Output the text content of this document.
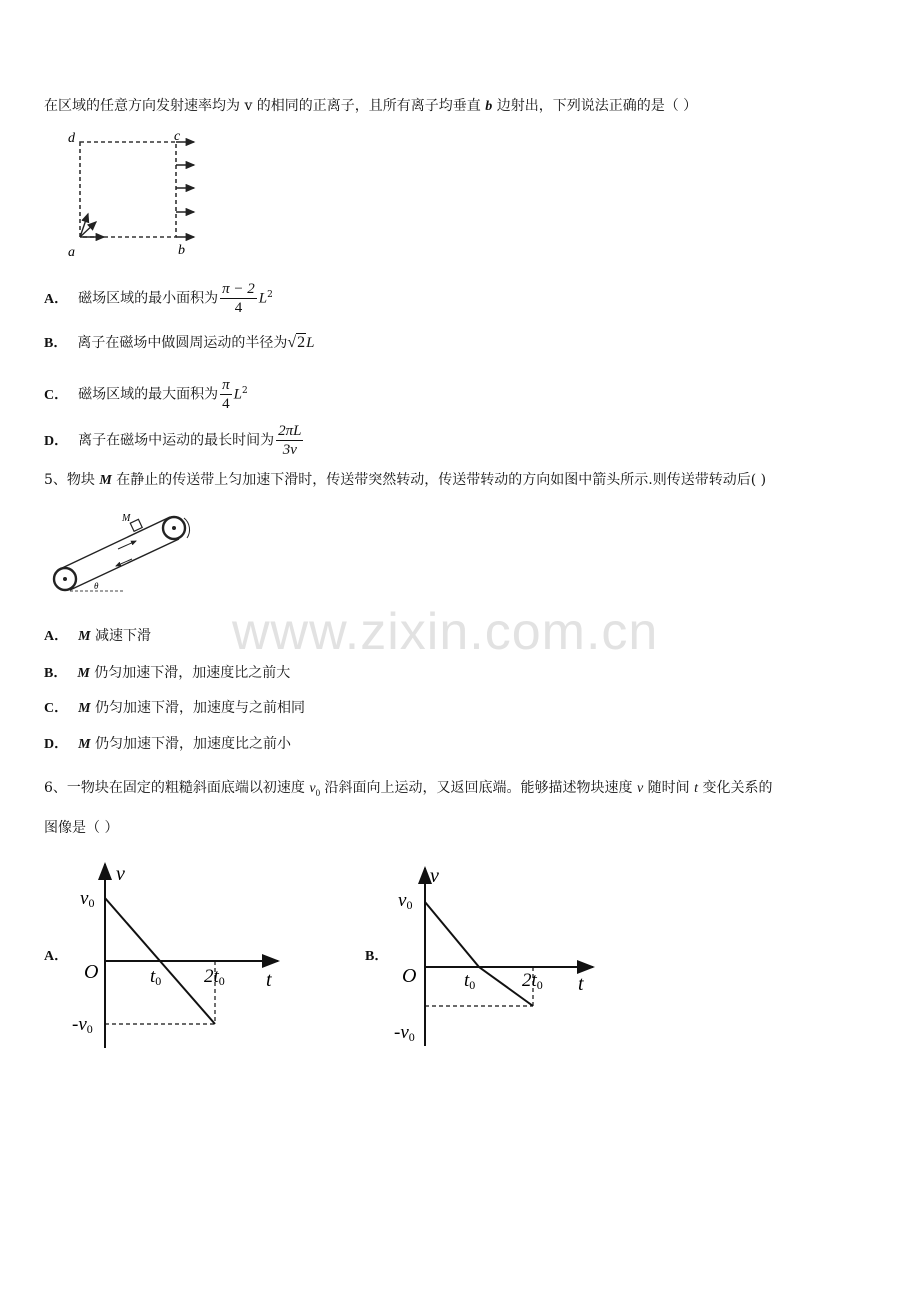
www.zixin.com.cn
在区域的任意方向发射速率均为 v 的相同的正离子，且所有离子均垂直 b 边射出，下列说法正确的是（ ）
d	c
a	b
A． 磁场区域的最小面积为 $\frac{\pi - 2}{4} L^2$
B． 离子在磁场中做圆周运动的半径为√2L
C． 磁场区域的最大面积为 $\frac{\pi}{4} L^2$
D． 离子在磁场中运动的最长时间为 $\frac{2\pi L}{3v}$
5、物块 M 在静止的传送带上匀加速下滑时，传送带突然转动，传送带转动的方向如图中箭头所示.则传送带转动后( )
M
θ
A． M 减速下滑
B． M 仍匀加速下滑，加速度比之前大
C． M 仍匀加速下滑，加速度与之前相同
D． M 仍匀加速下滑，加速度比之前小
6、一物块在固定的粗糙斜面底端以初速度 $v_0$ 沿斜面向上运动，又返回底端。能够描述物块速度 v 随时间 t 变化关系的
图像是（ ）
A．
v
t
O
v0
t0 2t0
-v0
B．
v
t
O
v0
t0 2t0
-v0
